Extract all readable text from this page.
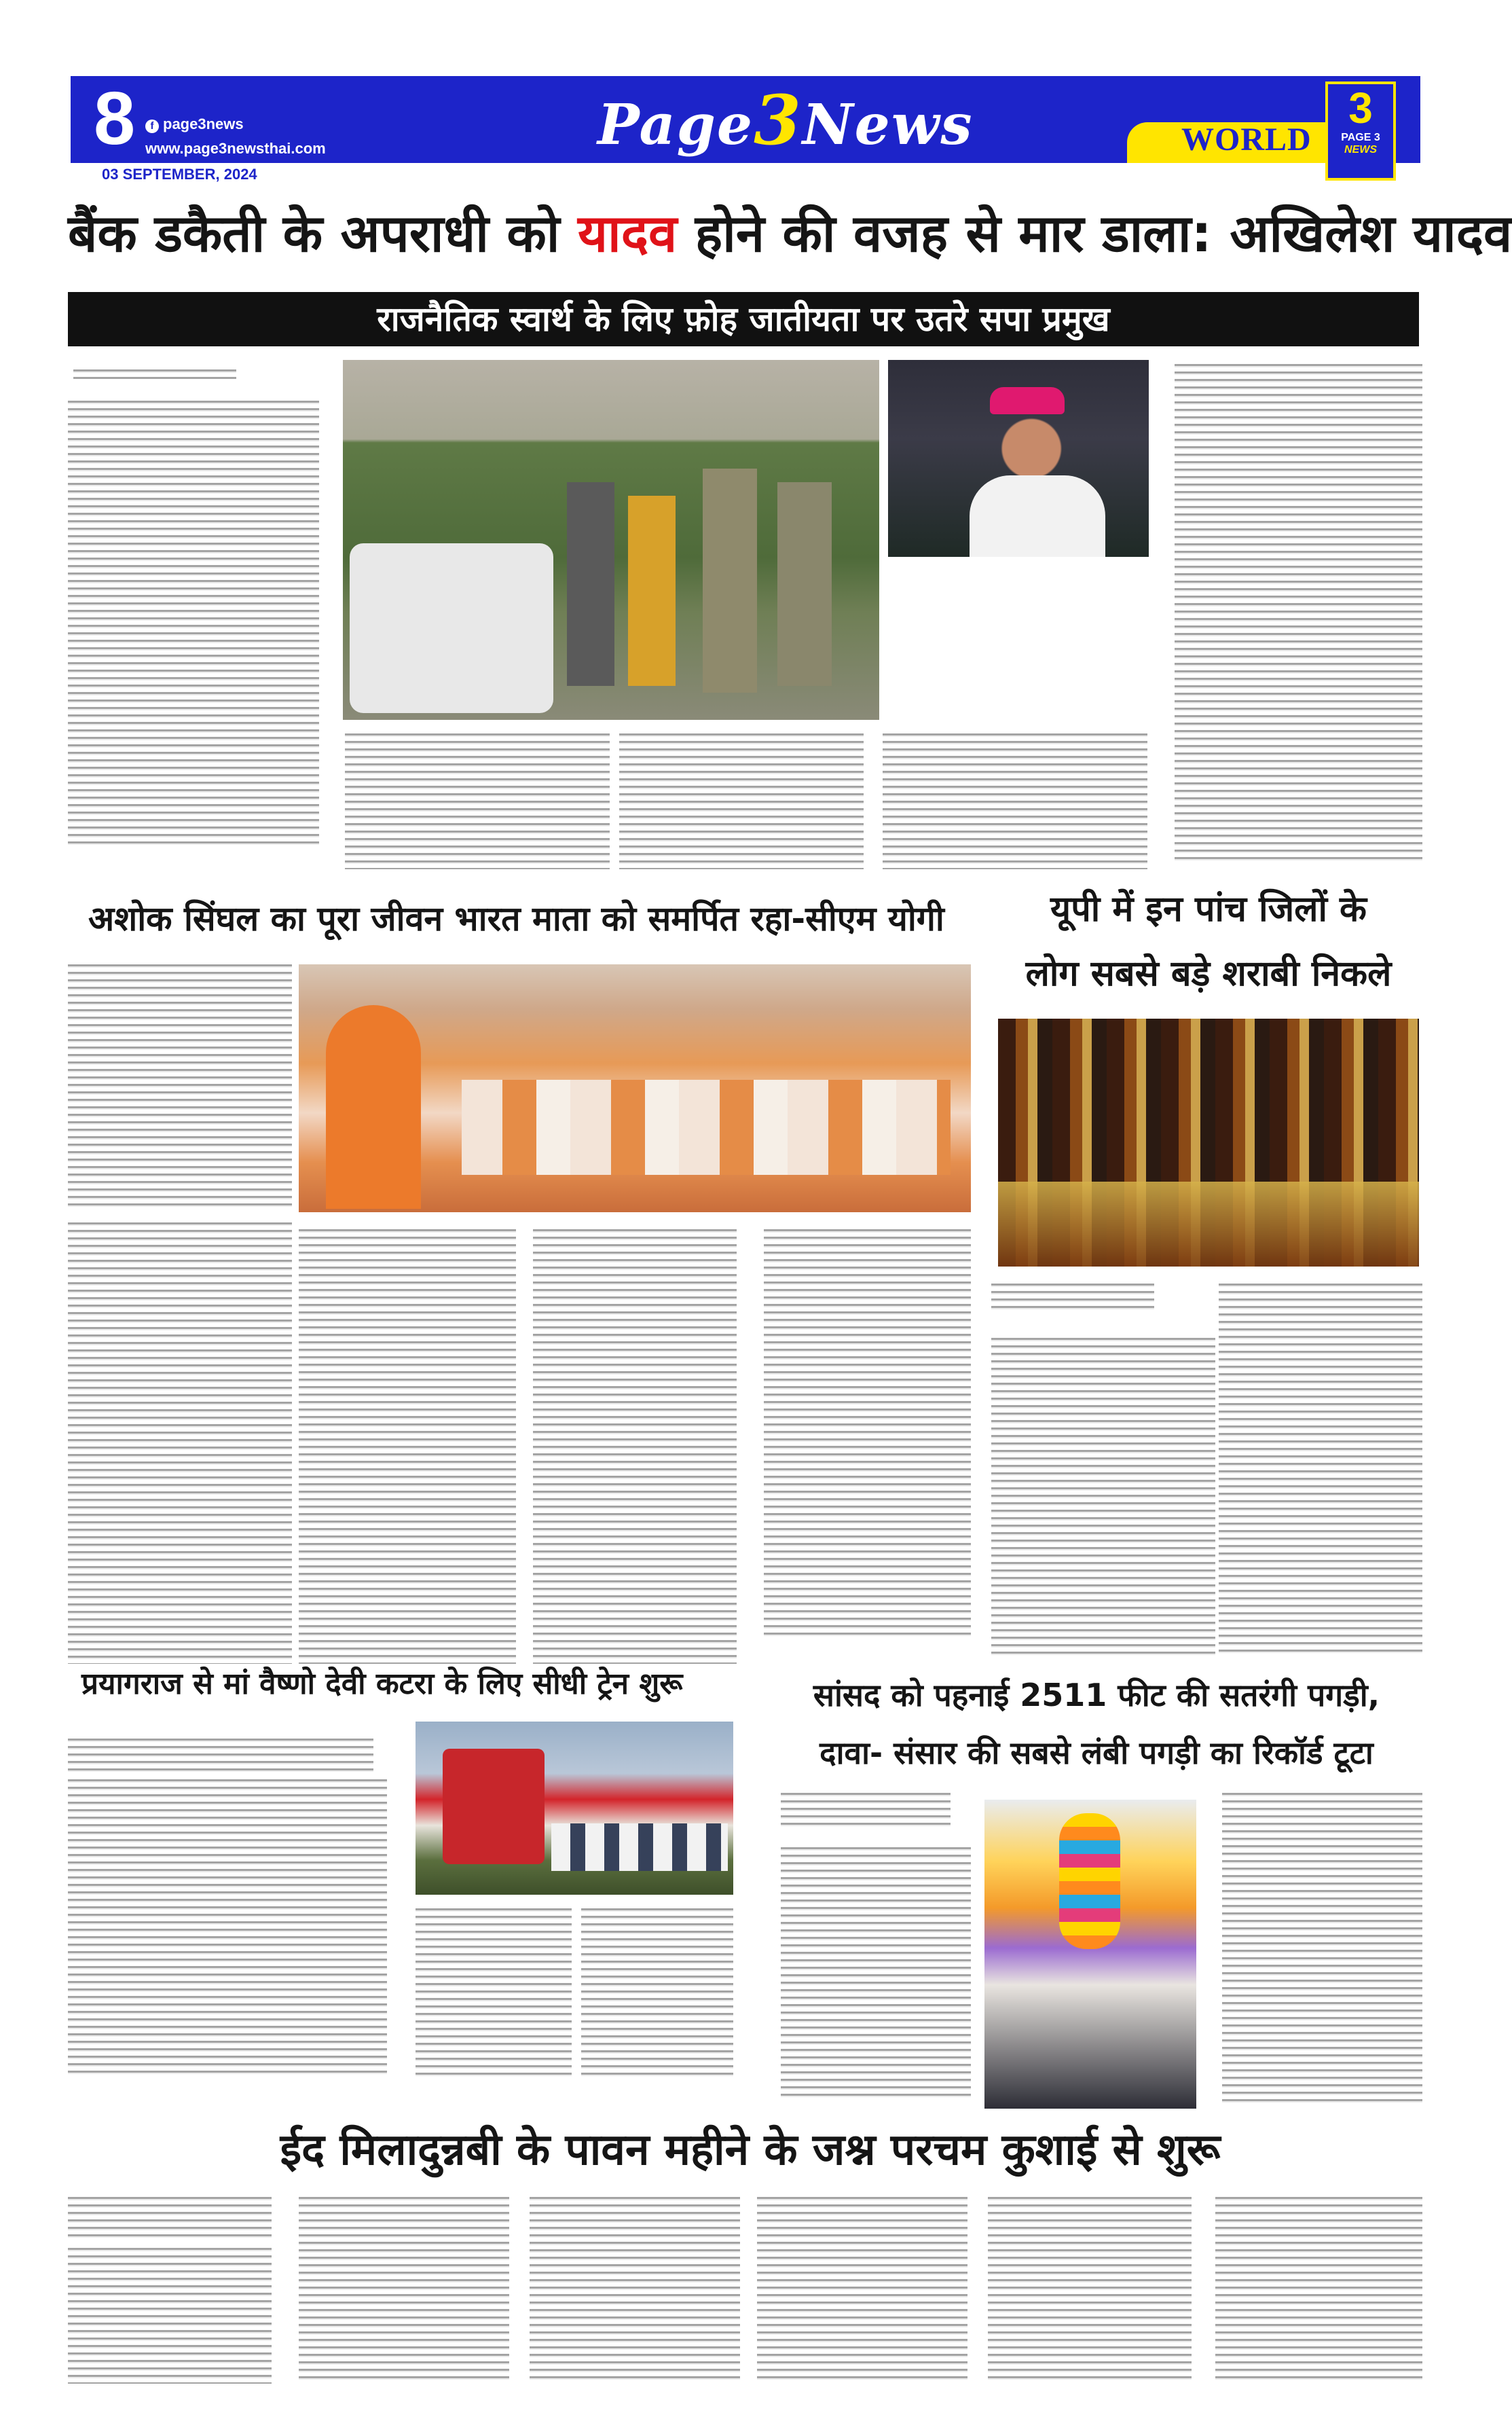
8	f page3news
www.page3newsthai.com
03 SEPTEMBER, 2024
Page3News	WORLD
3
PAGE 3
NEWS
बैंक डकैती के अपराधी को यादव होने की वजह से मार डाला: अखिलेश यादव
राजनैतिक स्वार्थ के लिए फ़ोह जातीयता पर उतरे सपा प्रमुख
अशोक सिंघल का पूरा जीवन भारत माता को समर्पित रहा-सीएम योगी	यूपी में इन पांच जिलों के
लोग सबसे बड़े शराबी निकले
प्रयागराज से मां वैष्णो देवी कटरा के लिए सीधी ट्रेन शुरू	सांसद को पहनाई 2511 फीट की सतरंगी पगड़ी,
दावा- संसार की सबसे लंबी पगड़ी का रिकॉर्ड टूटा
ईद मिलादुन्नबी के पावन महीने के जश्न परचम कुशाई से शुरू
